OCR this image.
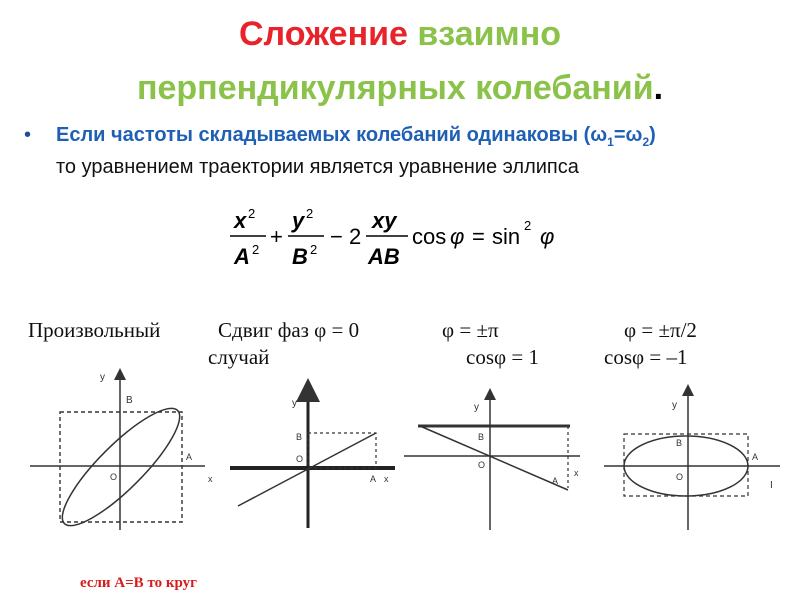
Сложение взаимно
перпендикулярных колебаний.
• Если частоты складываемых колебаний одинаковы $(\omega_1=\omega_2)$
то уравнением траектории является уравнение эллипса
x 2
A 2
+
y 2
B 2
− 2
xy
AB
cos φ = sin 2 φ
Произвольный
случай
Сдвиг фаз φ = 0	φ = ±π
cosφ = 1
φ = ±π/2
cosφ = –1
y
B
O
A
x
y
B
O
A x
y
B
O
A
x
y
B
O
A
I
если А=В то круг
